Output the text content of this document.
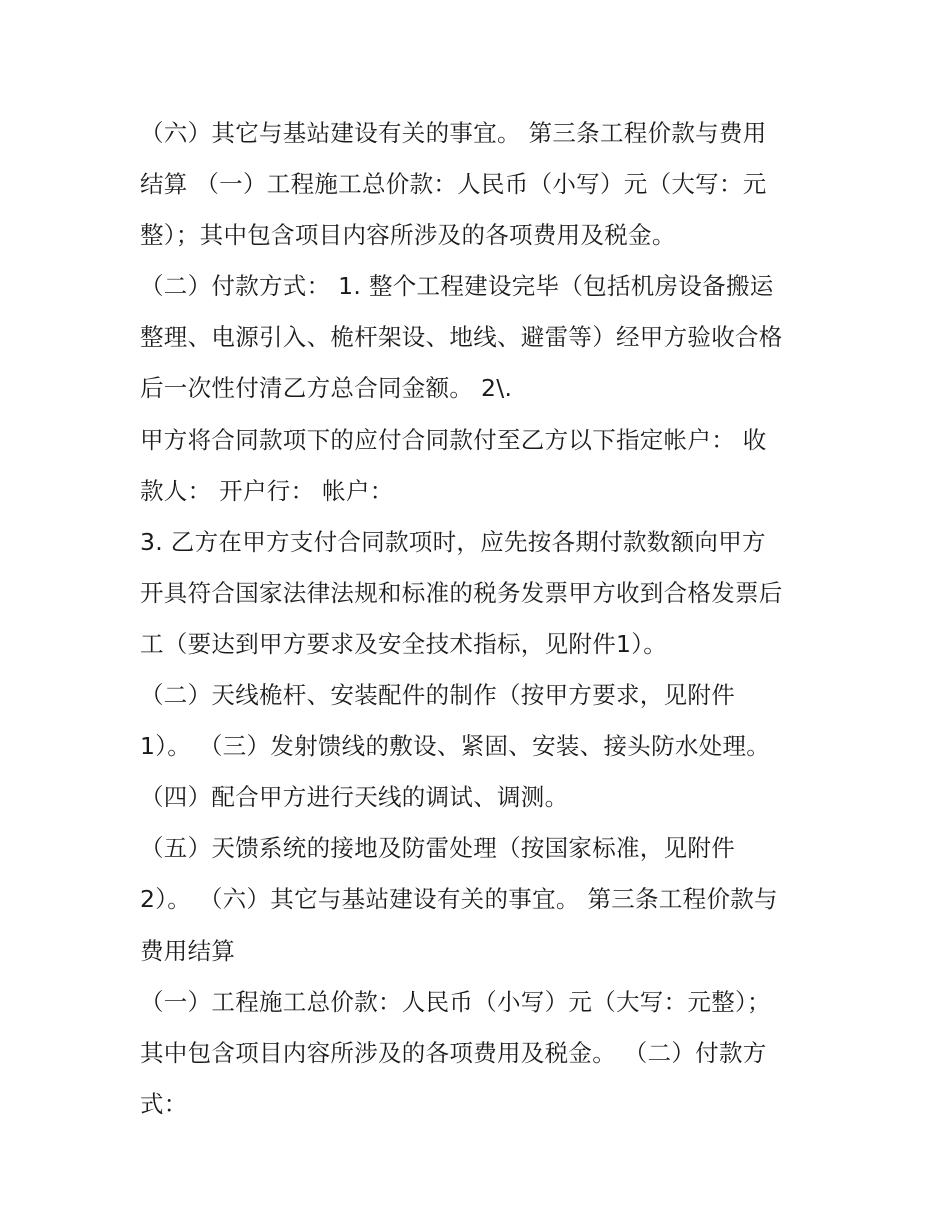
（六）其它与基站建设有关的事宜。 第三条工程价款与费用
结算 （一）工程施工总价款：人民币（小写）元（大写：元
整）；其中包含项目内容所涉及的各项费用及税金。
（二）付款方式： 1. 整个工程建设完毕（包括机房设备搬运
整理、电源引入、桅杆架设、地线、避雷等）经甲方验收合格
后一次性付清乙方总合同金额。 2\.
甲方将合同款项下的应付合同款付至乙方以下指定帐户： 收
款人： 开户行： 帐户：
3. 乙方在甲方支付合同款项时，应先按各期付款数额向甲方
开具符合国家法律法规和标准的税务发票甲方收到合格发票后
工（要达到甲方要求及安全技术指标，见附件1）。
（二）天线桅杆、安装配件的制作（按甲方要求，见附件
1）。 （三）发射馈线的敷设、紧固、安装、接头防水处理。
（四）配合甲方进行天线的调试、调测。
（五）天馈系统的接地及防雷处理（按国家标准，见附件
2）。 （六）其它与基站建设有关的事宜。 第三条工程价款与
费用结算
（一）工程施工总价款：人民币（小写）元（大写：元整）；
其中包含项目内容所涉及的各项费用及税金。 （二）付款方
式：
